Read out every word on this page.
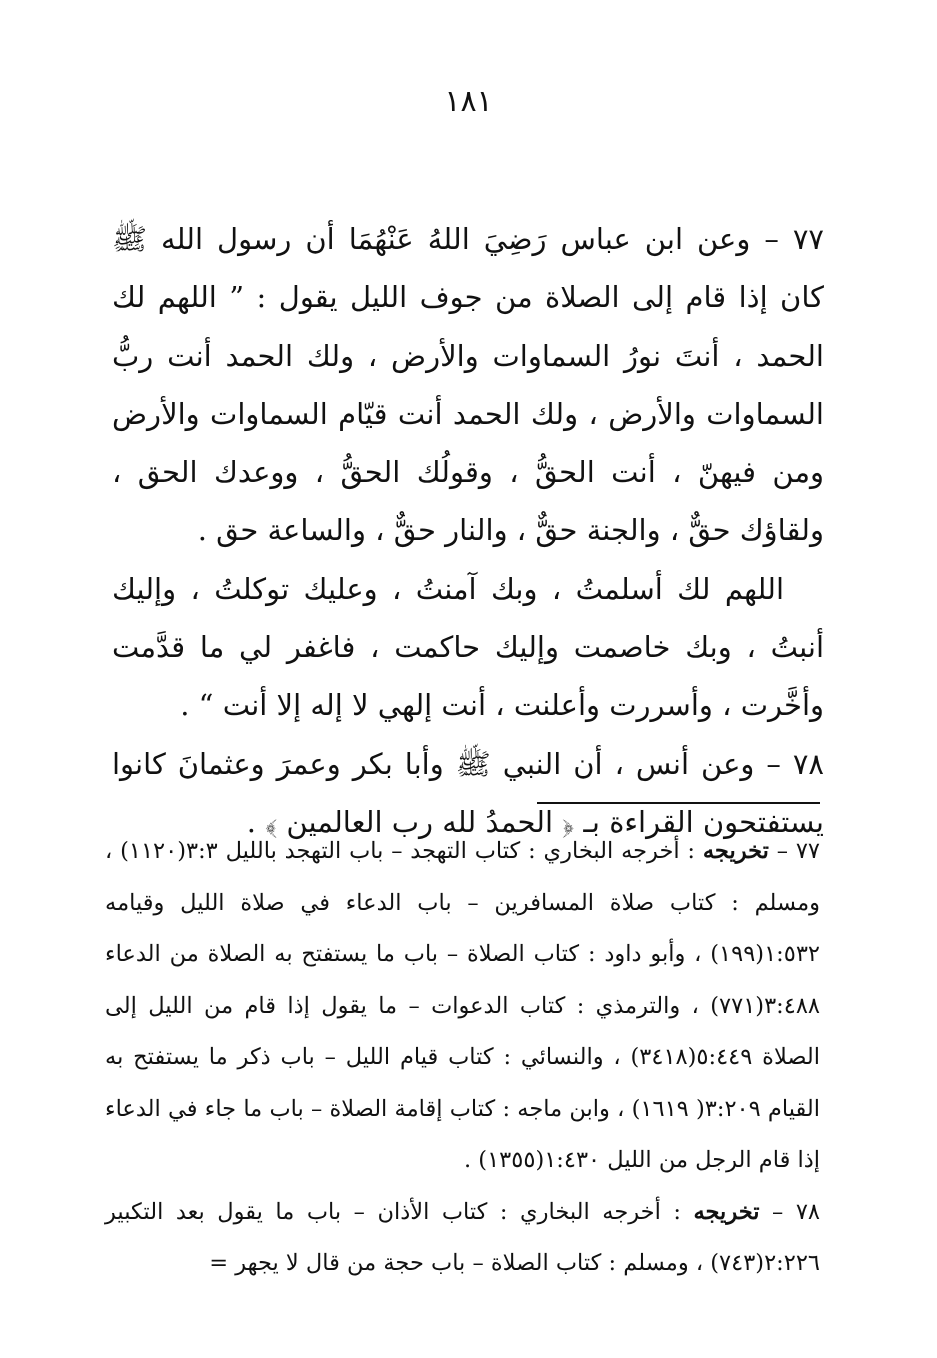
١٨١

٧٧ – وعن ابن عباس رَضِيَ اللهُ عَنْهُمَا أن رسول الله ﷺ كان إذا قام إلى الصلاة من جوف الليل يقول : ” اللهم لك الحمد ، أنتَ نورُ السماوات والأرض ، ولك الحمد أنت ربُّ السماوات والأرض ، ولك الحمد أنت قيّام السماوات والأرض ومن فيهنّ ، أنت الحقُّ ، وقولُك الحقُّ ، ووعدك الحق ، ولقاؤك حقٌّ ، والجنة حقٌّ ، والنار حقٌّ ، والساعة حق .

اللهم لك أسلمتُ ، وبك آمنتُ ، وعليك توكلتُ ، وإليك أنبتُ ، وبك خاصمت وإليك حاكمت ، فاغفر لي ما قدَّمت وأخَّرت ، وأسررت وأعلنت ، أنت إلهي لا إله إلا أنت “ .

٧٨ – وعن أنس ، أن النبي ﷺ وأبا بكر وعمرَ وعثمانَ كانوا يستفتحون القراءة بـ ﴿ الحمدُ لله رب العالمين ﴾ .

٧٧ – تخريجه : أخرجه البخاري : كتاب التهجد – باب التهجد بالليل ٣:٣(١١٢٠) ، ومسلم : كتاب صلاة المسافرين – باب الدعاء في صلاة الليل وقيامه ١:٥٣٢(١٩٩) ، وأبو داود : كتاب الصلاة – باب ما يستفتح به الصلاة من الدعاء ٣:٤٨٨(٧٧١) ، والترمذي : كتاب الدعوات – ما يقول إذا قام من الليل إلى الصلاة ٥:٤٤٩(٣٤١٨) ، والنسائي : كتاب قيام الليل – باب ذكر ما يستفتح به القيام ٣:٢٠٩( ١٦١٩) ، وابن ماجه : كتاب إقامة الصلاة – باب ما جاء في الدعاء إذا قام الرجل من الليل ١:٤٣٠(١٣٥٥) .

٧٨ – تخريجه : أخرجه البخاري : كتاب الأذان – باب ما يقول بعد التكبير ٢:٢٢٦(٧٤٣) ، ومسلم : كتاب الصلاة – باب حجة من قال لا يجهر =
